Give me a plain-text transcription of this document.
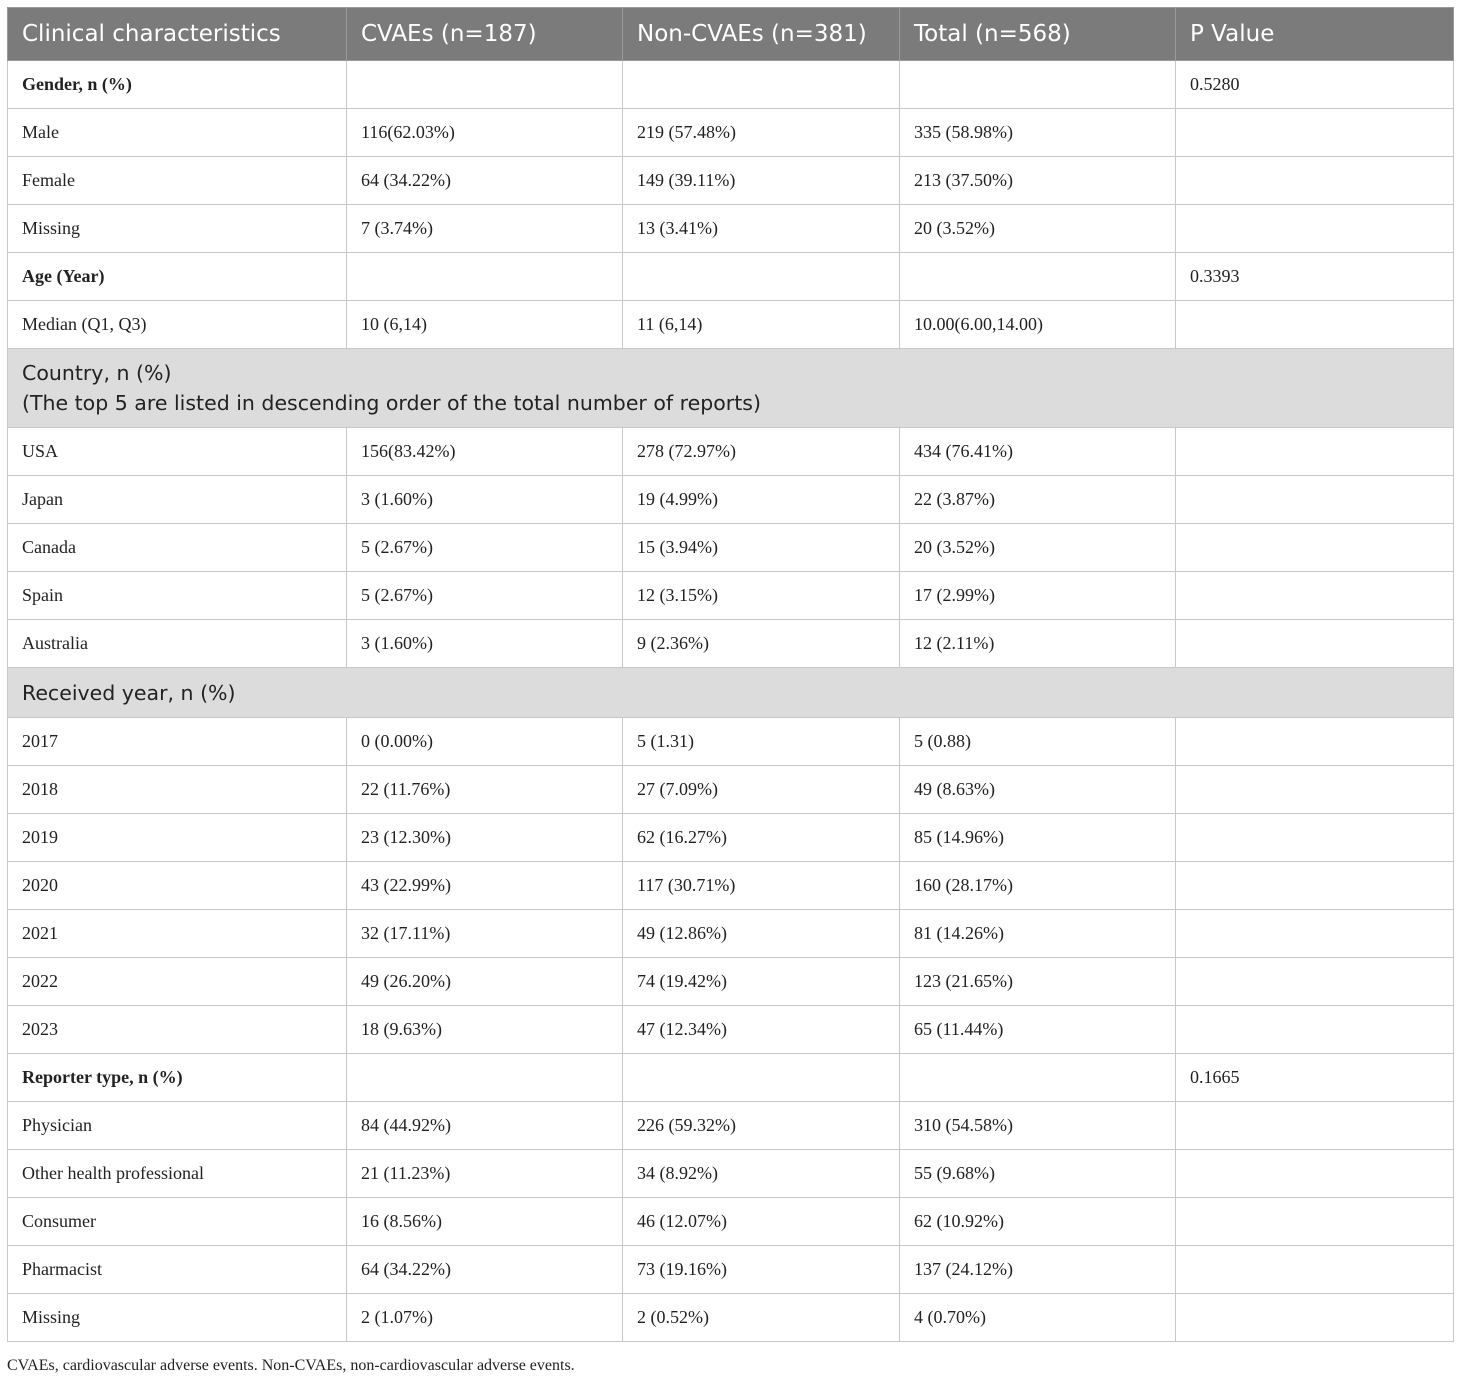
Clinical characteristics	CVAEs (n=187)	Non-CVAEs (n=381)	Total (n=568)	P Value
Gender, n (%)				0.5280
Male	116(62.03%)	219 (57.48%)	335 (58.98%)	
Female	64 (34.22%)	149 (39.11%)	213 (37.50%)	
Missing	7 (3.74%)	13 (3.41%)	20 (3.52%)	
Age (Year)				0.3393
Median (Q1, Q3)	10 (6,14)	11 (6,14)	10.00(6.00,14.00)	

Country, n (%)
(The top 5 are listed in descending order of the total number of reports)				

USA	156(83.42%)	278 (72.97%)	434 (76.41%)	
Japan	3 (1.60%)	19 (4.99%)	22 (3.87%)	
Canada	5 (2.67%)	15 (3.94%)	20 (3.52%)	
Spain	5 (2.67%)	12 (3.15%)	17 (2.99%)	
Australia	3 (1.60%)	9 (2.36%)	12 (2.11%)	

Received year, n (%)				

2017	0 (0.00%)	5 (1.31)	5 (0.88)	
2018	22 (11.76%)	27 (7.09%)	49 (8.63%)	
2019	23 (12.30%)	62 (16.27%)	85 (14.96%)	
2020	43 (22.99%)	117 (30.71%)	160 (28.17%)	
2021	32 (17.11%)	49 (12.86%)	81 (14.26%)	
2022	49 (26.20%)	74 (19.42%)	123 (21.65%)	
2023	18 (9.63%)	47 (12.34%)	65 (11.44%)	
Reporter type, n (%)				0.1665
Physician	84 (44.92%)	226 (59.32%)	310 (54.58%)	
Other health professional	21 (11.23%)	34 (8.92%)	55 (9.68%)	
Consumer	16 (8.56%)	46 (12.07%)	62 (10.92%)	
Pharmacist	64 (34.22%)	73 (19.16%)	137 (24.12%)	
Missing	2 (1.07%)	2 (0.52%)	4 (0.70%)	
CVAEs, cardiovascular adverse events. Non-CVAEs, non-cardiovascular adverse events.
